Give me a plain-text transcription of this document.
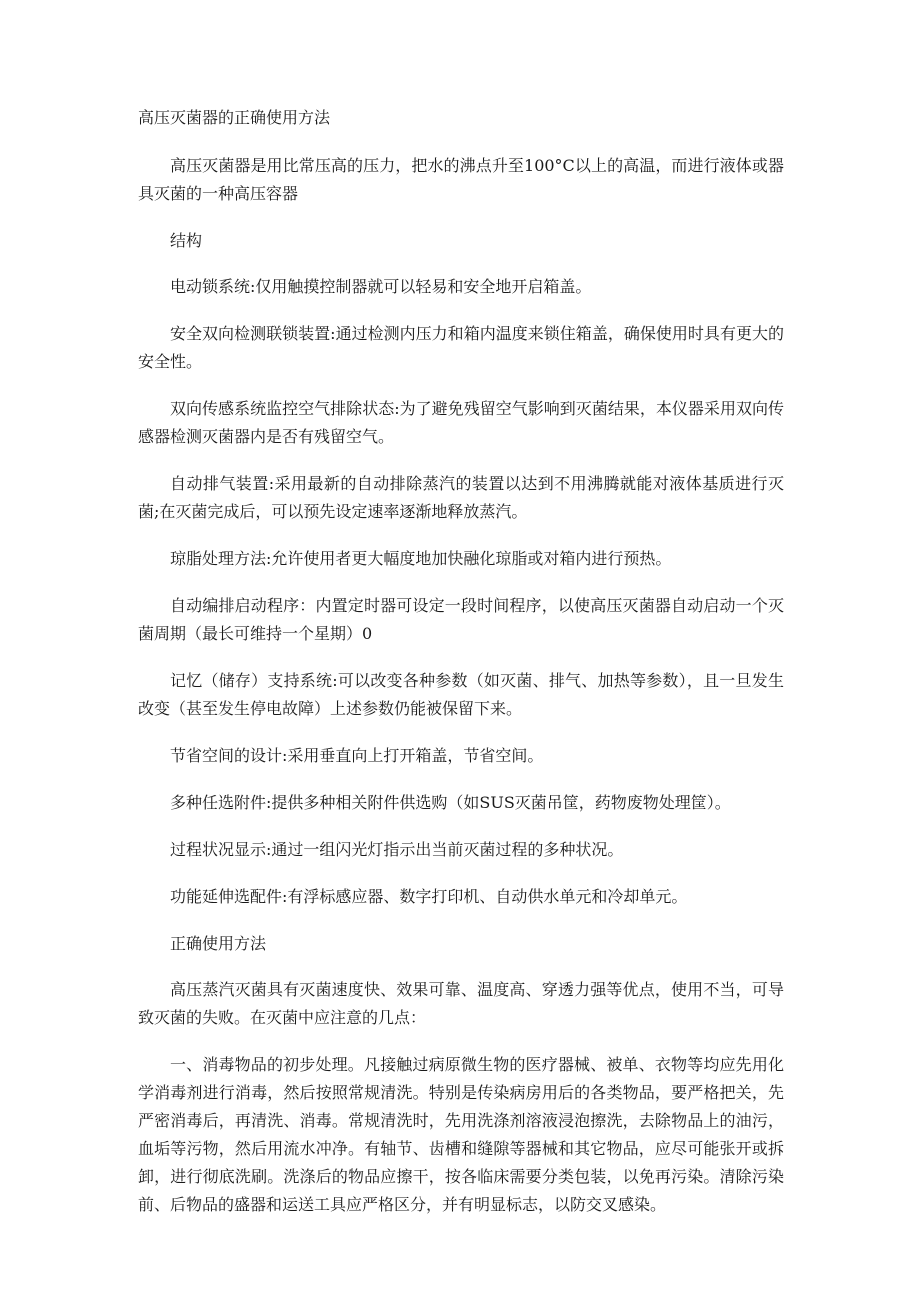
高压灭菌器的正确使用方法

高压灭菌器是用比常压高的压力，把水的沸点升至100°C以上的高温，而进行液体或器具灭菌的一种高压容器

结构

电动锁系统:仅用触摸控制器就可以轻易和安全地开启箱盖。

安全双向检测联锁装置:通过检测内压力和箱内温度来锁住箱盖，确保使用时具有更大的安全性。

双向传感系统监控空气排除状态:为了避免残留空气影响到灭菌结果，本仪器采用双向传感器检测灭菌器内是否有残留空气。

自动排气装置:采用最新的自动排除蒸汽的装置以达到不用沸腾就能对液体基质进行灭菌;在灭菌完成后，可以预先设定速率逐渐地释放蒸汽。

琼脂处理方法:允许使用者更大幅度地加快融化琼脂或对箱内进行预热。

自动编排启动程序：内置定时器可设定一段时间程序，以使高压灭菌器自动启动一个灭菌周期（最长可维持一个星期）0

记忆（储存）支持系统:可以改变各种参数（如灭菌、排气、加热等参数），且一旦发生改变（甚至发生停电故障）上述参数仍能被保留下来。

节省空间的设计:采用垂直向上打开箱盖，节省空间。

多种任选附件:提供多种相关附件供选购（如SUS灭菌吊筐，药物废物处理筐）。

过程状况显示:通过一组闪光灯指示出当前灭菌过程的多种状况。

功能延伸选配件:有浮标感应器、数字打印机、自动供水单元和冷却单元。

正确使用方法

高压蒸汽灭菌具有灭菌速度快、效果可靠、温度高、穿透力强等优点，使用不当，可导致灭菌的失败。在灭菌中应注意的几点：

一、消毒物品的初步处理。凡接触过病原微生物的医疗器械、被单、衣物等均应先用化学消毒剂进行消毒，然后按照常规清洗。特别是传染病房用后的各类物品，要严格把关，先严密消毒后，再清洗、消毒。常规清洗时，先用洗涤剂溶液浸泡擦洗，去除物品上的油污，血垢等污物，然后用流水冲净。有轴节、齿槽和缝隙等器械和其它物品，应尽可能张开或拆卸，进行彻底洗刷。洗涤后的物品应擦干，按各临床需要分类包装，以免再污染。清除污染前、后物品的盛器和运送工具应严格区分，并有明显标志，以防交叉感染。
